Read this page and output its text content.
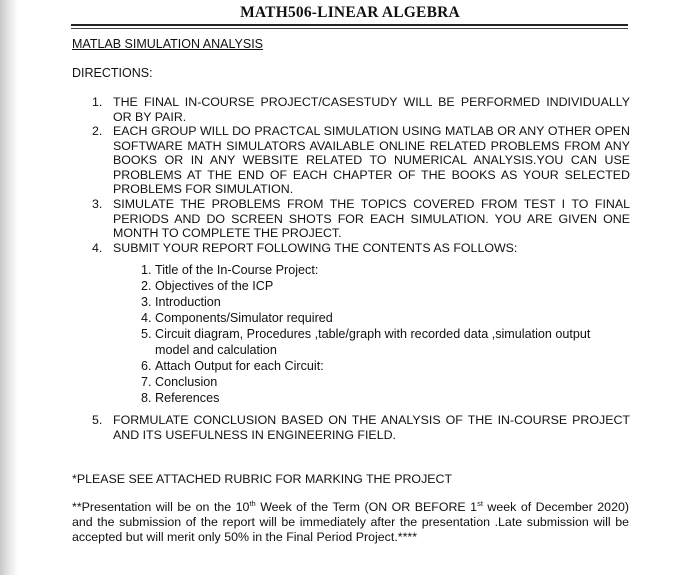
MATH506-LINEAR ALGEBRA
MATLAB SIMULATION ANALYSIS
DIRECTIONS:
1. THE FINAL IN-COURSE PROJECT/CASESTUDY WILL BE PERFORMED INDIVIDUALLY OR BY PAIR.
2. EACH GROUP WILL DO PRACTCAL SIMULATION USING MATLAB OR ANY OTHER OPEN SOFTWARE MATH SIMULATORS AVAILABLE ONLINE RELATED PROBLEMS FROM ANY BOOKS OR IN ANY WEBSITE RELATED TO NUMERICAL ANALYSIS.YOU CAN USE PROBLEMS AT THE END OF EACH CHAPTER OF THE BOOKS AS YOUR SELECTED PROBLEMS FOR SIMULATION.
3. SIMULATE THE PROBLEMS FROM THE TOPICS COVERED FROM TEST I TO FINAL PERIODS AND DO SCREEN SHOTS FOR EACH SIMULATION. YOU ARE GIVEN ONE MONTH TO COMPLETE THE PROJECT.
4. SUBMIT YOUR REPORT FOLLOWING THE CONTENTS AS FOLLOWS:
1. Title of the In-Course Project:
2. Objectives of the ICP
3. Introduction
4. Components/Simulator required
5. Circuit diagram, Procedures ,table/graph with recorded data ,simulation output model and calculation
6. Attach Output for each Circuit:
7. Conclusion
8. References
5. FORMULATE CONCLUSION BASED ON THE ANALYSIS OF THE IN-COURSE PROJECT AND ITS USEFULNESS IN ENGINEERING FIELD.
*PLEASE SEE ATTACHED RUBRIC FOR MARKING THE PROJECT
**Presentation will be on the 10th Week of the Term (ON OR BEFORE 1st week of December 2020) and the submission of the report will be immediately after the presentation .Late submission will be accepted but will merit only 50% in the Final Period Project.****
